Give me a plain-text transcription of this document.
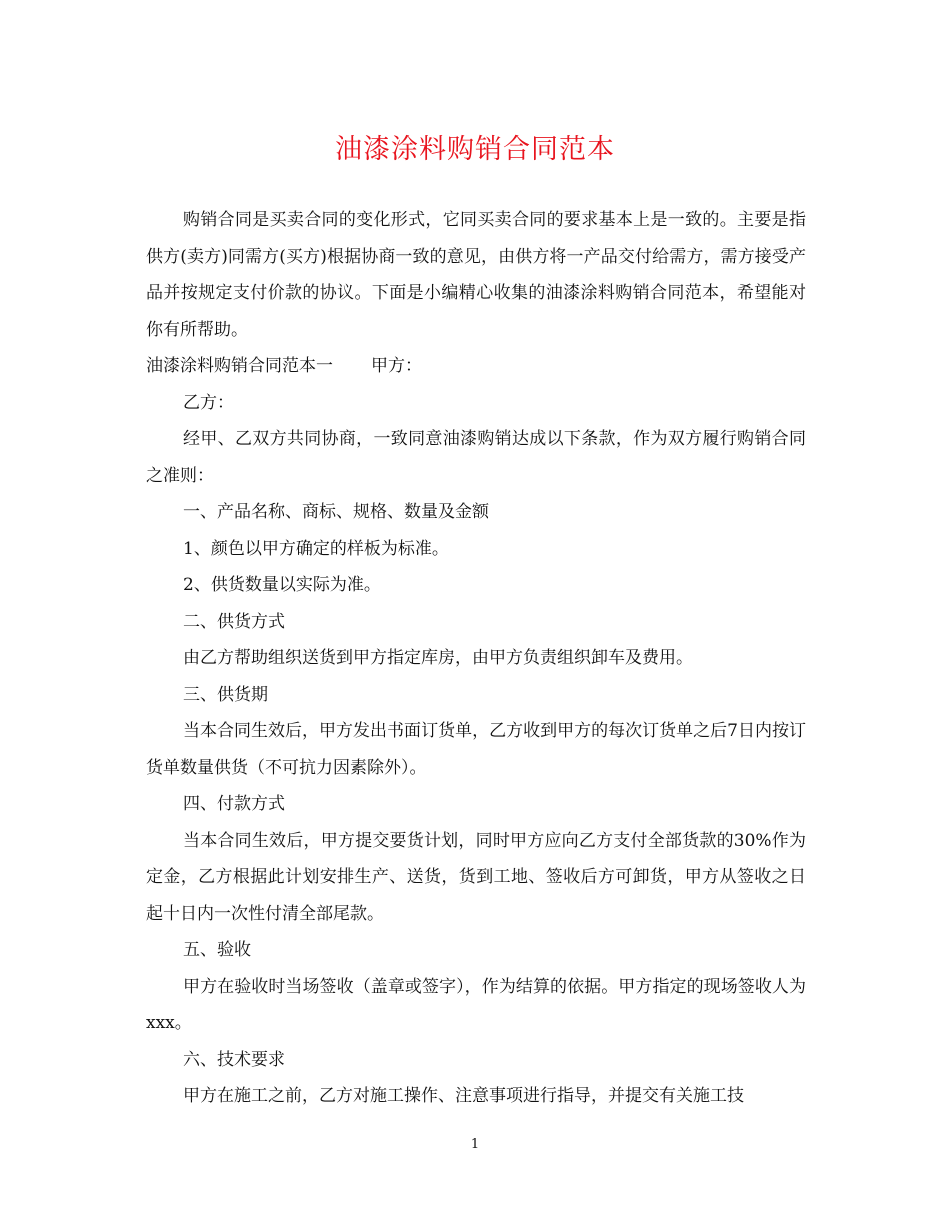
油漆涂料购销合同范本

购销合同是买卖合同的变化形式，它同买卖合同的要求基本上是一致的。主要是指供方(卖方)同需方(买方)根据协商一致的意见，由供方将一产品交付给需方，需方接受产品并按规定支付价款的协议。下面是小编精心收集的油漆涂料购销合同范本，希望能对你有所帮助。

油漆涂料购销合同范本一 甲方：

乙方：

经甲、乙双方共同协商，一致同意油漆购销达成以下条款，作为双方履行购销合同之准则：

一、产品名称、商标、规格、数量及金额

1、颜色以甲方确定的样板为标准。

2、供货数量以实际为准。

二、供货方式

由乙方帮助组织送货到甲方指定库房，由甲方负责组织卸车及费用。

三、供货期

当本合同生效后，甲方发出书面订货单，乙方收到甲方的每次订货单之后7日内按订货单数量供货（不可抗力因素除外）。

四、付款方式

当本合同生效后，甲方提交要货计划，同时甲方应向乙方支付全部货款的30%作为定金，乙方根据此计划安排生产、送货，货到工地、签收后方可卸货，甲方从签收之日起十日内一次性付清全部尾款。

五、验收

甲方在验收时当场签收（盖章或签字），作为结算的依据。甲方指定的现场签收人为xxx。

六、技术要求

甲方在施工之前，乙方对施工操作、注意事项进行指导，并提交有关施工技

1
